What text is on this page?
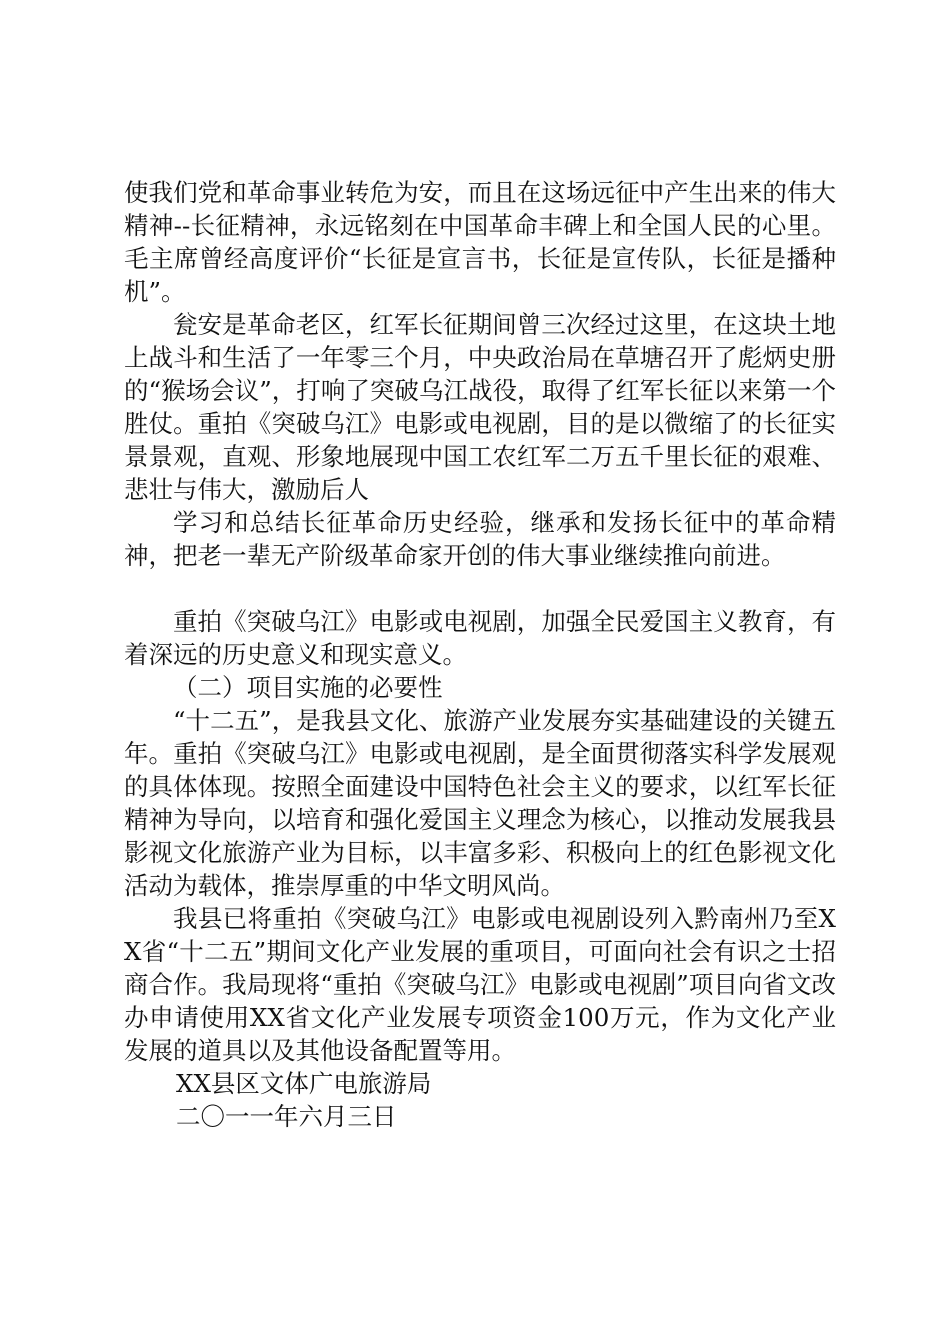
使我们党和革命事业转危为安，而且在这场远征中产生出来的伟大精神--长征精神，永远铭刻在中国革命丰碑上和全国人民的心里。毛主席曾经高度评价“长征是宣言书，长征是宣传队，长征是播种机”。

瓮安是革命老区，红军长征期间曾三次经过这里，在这块土地上战斗和生活了一年零三个月，中央政治局在草塘召开了彪炳史册的“猴场会议”，打响了突破乌江战役，取得了红军长征以来第一个胜仗。重拍《突破乌江》电影或电视剧，目的是以微缩了的长征实景景观，直观、形象地展现中国工农红军二万五千里长征的艰难、悲壮与伟大，激励后人

学习和总结长征革命历史经验，继承和发扬长征中的革命精神，把老一辈无产阶级革命家开创的伟大事业继续推向前进。

重拍《突破乌江》电影或电视剧，加强全民爱国主义教育，有着深远的历史意义和现实意义。

（二）项目实施的必要性

“十二五”，是我县文化、旅游产业发展夯实基础建设的关键五年。重拍《突破乌江》电影或电视剧，是全面贯彻落实科学发展观的具体体现。按照全面建设中国特色社会主义的要求，以红军长征精神为导向，以培育和强化爱国主义理念为核心，以推动发展我县影视文化旅游产业为目标，以丰富多彩、积极向上的红色影视文化活动为载体，推崇厚重的中华文明风尚。

我县已将重拍《突破乌江》电影或电视剧设列入黔南州乃至XX省“十二五”期间文化产业发展的重项目，可面向社会有识之士招商合作。我局现将“重拍《突破乌江》电影或电视剧”项目向省文改办申请使用XX省文化产业发展专项资金100万元，作为文化产业发展的道具以及其他设备配置等用。

XX县区文体广电旅游局

二〇一一年六月三日
